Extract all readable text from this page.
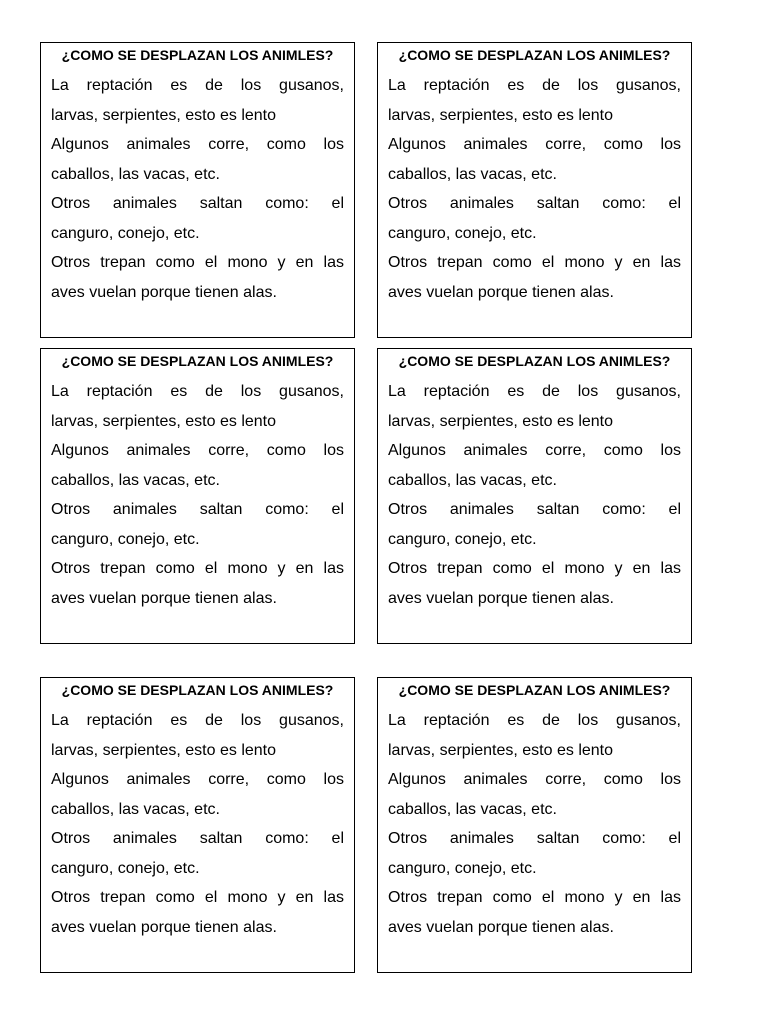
¿COMO SE DESPLAZAN LOS ANIMLES?

La reptación es de los gusanos,

larvas, serpientes, esto es lento

Algunos animales corre, como los

caballos, las vacas, etc.

Otros animales saltan como: el

canguro, conejo, etc.

Otros trepan como el mono y en las

aves vuelan porque tienen alas.

¿COMO SE DESPLAZAN LOS ANIMLES?

La reptación es de los gusanos,

larvas, serpientes, esto es lento

Algunos animales corre, como los

caballos, las vacas, etc.

Otros animales saltan como: el

canguro, conejo, etc.

Otros trepan como el mono y en las

aves vuelan porque tienen alas.

¿COMO SE DESPLAZAN LOS ANIMLES?

La reptación es de los gusanos,

larvas, serpientes, esto es lento

Algunos animales corre, como los

caballos, las vacas, etc.

Otros animales saltan como: el

canguro, conejo, etc.

Otros trepan como el mono y en las

aves vuelan porque tienen alas.

¿COMO SE DESPLAZAN LOS ANIMLES?

La reptación es de los gusanos,

larvas, serpientes, esto es lento

Algunos animales corre, como los

caballos, las vacas, etc.

Otros animales saltan como: el

canguro, conejo, etc.

Otros trepan como el mono y en las

aves vuelan porque tienen alas.

¿COMO SE DESPLAZAN LOS ANIMLES?

La reptación es de los gusanos,

larvas, serpientes, esto es lento

Algunos animales corre, como los

caballos, las vacas, etc.

Otros animales saltan como: el

canguro, conejo, etc.

Otros trepan como el mono y en las

aves vuelan porque tienen alas.

¿COMO SE DESPLAZAN LOS ANIMLES?

La reptación es de los gusanos,

larvas, serpientes, esto es lento

Algunos animales corre, como los

caballos, las vacas, etc.

Otros animales saltan como: el

canguro, conejo, etc.

Otros trepan como el mono y en las

aves vuelan porque tienen alas.
